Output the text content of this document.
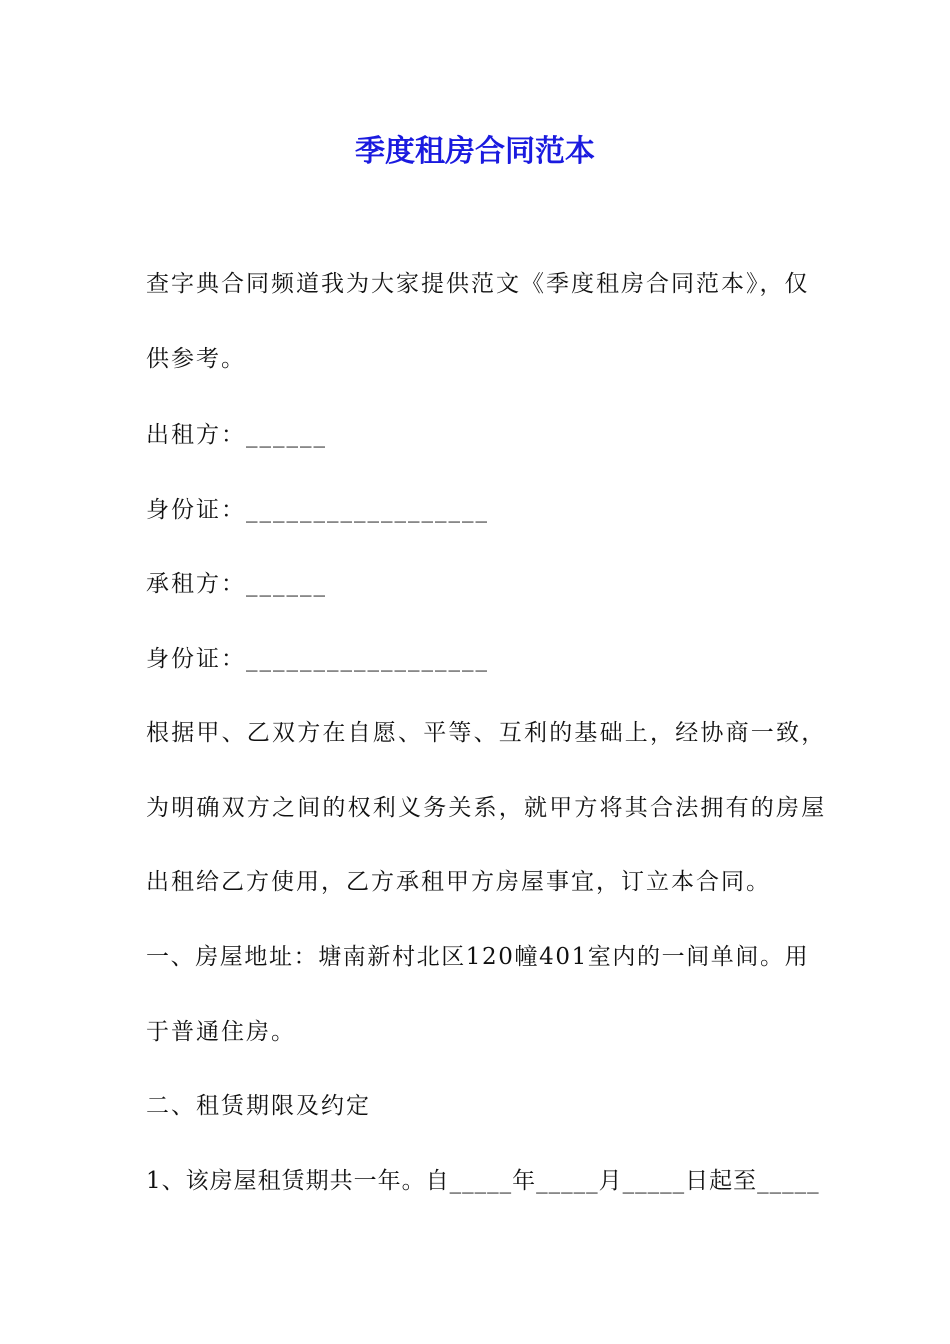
季度租房合同范本

查字典合同频道我为大家提供范文《季度租房合同范本》，仅

供参考。

出租方：______

身份证：__________________

承租方：______

身份证：__________________

根据甲、乙双方在自愿、平等、互利的基础上，经协商一致，

为明确双方之间的权利义务关系，就甲方将其合法拥有的房屋

出租给乙方使用，乙方承租甲方房屋事宜，订立本合同。

一、房屋地址：塘南新村北区120幢401室内的一间单间。用

于普通住房。

二、租赁期限及约定

1、该房屋租赁期共一年。自_____年_____月_____日起至_____
